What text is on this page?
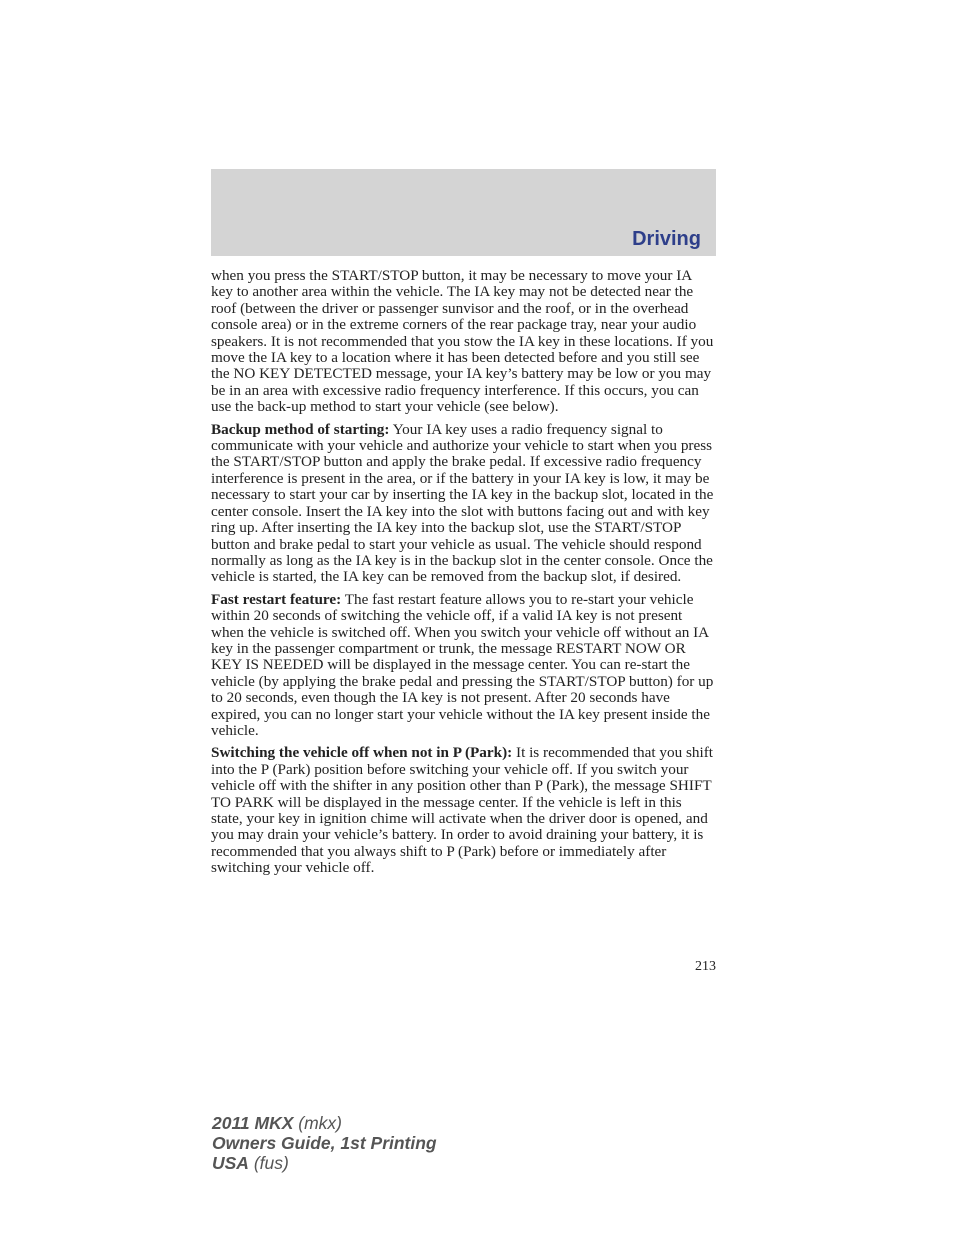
Driving

when you press the START/STOP button, it may be necessary to move your IA key to another area within the vehicle. The IA key may not be detected near the roof (between the driver or passenger sunvisor and the roof, or in the overhead console area) or in the extreme corners of the rear package tray, near your audio speakers. It is not recommended that you stow the IA key in these locations. If you move the IA key to a location where it has been detected before and you still see the NO KEY DETECTED message, your IA key’s battery may be low or you may be in an area with excessive radio frequency interference. If this occurs, you can use the back-up method to start your vehicle (see below).

Backup method of starting: Your IA key uses a radio frequency signal to communicate with your vehicle and authorize your vehicle to start when you press the START/STOP button and apply the brake pedal. If excessive radio frequency interference is present in the area, or if the battery in your IA key is low, it may be necessary to start your car by inserting the IA key in the backup slot, located in the center console. Insert the IA key into the slot with buttons facing out and with key ring up. After inserting the IA key into the backup slot, use the START/STOP button and brake pedal to start your vehicle as usual. The vehicle should respond normally as long as the IA key is in the backup slot in the center console. Once the vehicle is started, the IA key can be removed from the backup slot, if desired.

Fast restart feature: The fast restart feature allows you to re-start your vehicle within 20 seconds of switching the vehicle off, if a valid IA key is not present when the vehicle is switched off. When you switch your vehicle off without an IA key in the passenger compartment or trunk, the message RESTART NOW OR KEY IS NEEDED will be displayed in the message center. You can re-start the vehicle (by applying the brake pedal and pressing the START/STOP button) for up to 20 seconds, even though the IA key is not present. After 20 seconds have expired, you can no longer start your vehicle without the IA key present inside the vehicle.

Switching the vehicle off when not in P (Park): It is recommended that you shift into the P (Park) position before switching your vehicle off. If you switch your vehicle off with the shifter in any position other than P (Park), the message SHIFT TO PARK will be displayed in the message center. If the vehicle is left in this state, your key in ignition chime will activate when the driver door is opened, and you may drain your vehicle’s battery. In order to avoid draining your battery, it is recommended that you always shift to P (Park) before or immediately after switching your vehicle off.

213
2011 MKX (mkx)
Owners Guide, 1st Printing
USA (fus)
